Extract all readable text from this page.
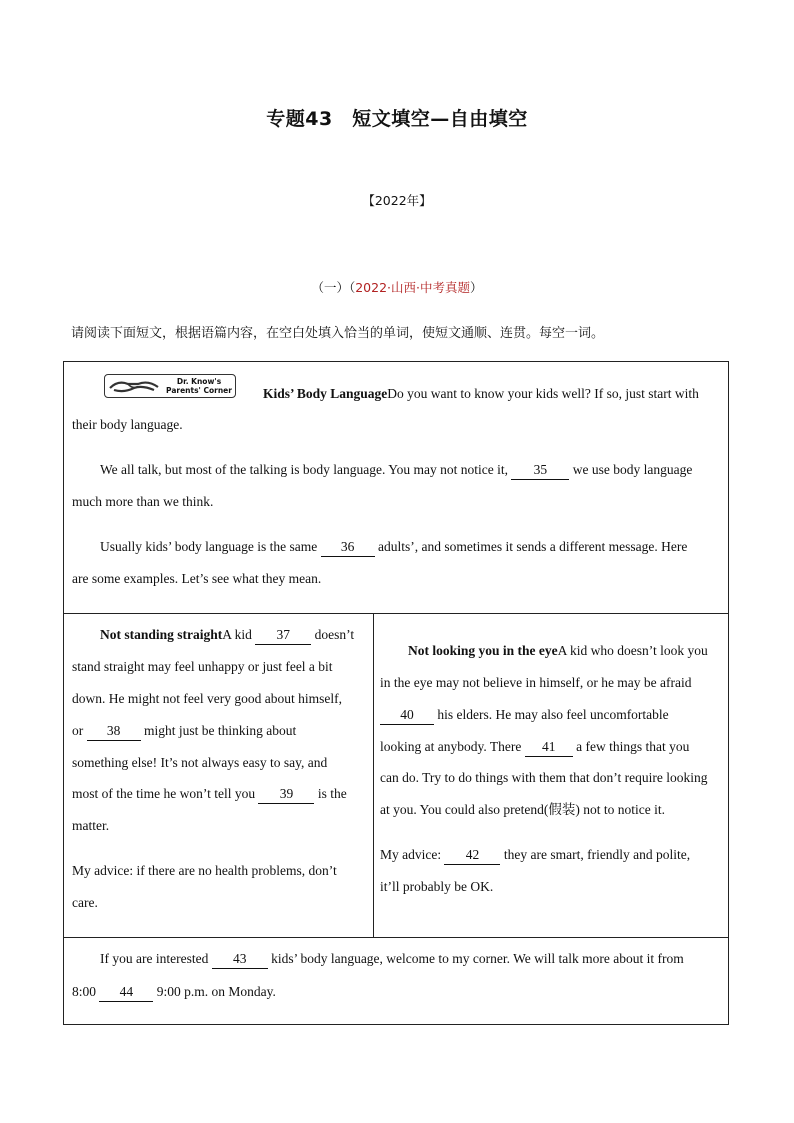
专题43　短文填空—自由填空
【2022年】
（一）（2022·山西·中考真题）
请阅读下面短文，根据语篇内容，在空白处填入恰当的单词，使短文通顺、连贯。每空一词。
Dr. Know's
Parents' Corner Kids’ Body LanguageDo you want to know your kids well? If so, just start with

their body language.

We all talk, but most of the talking is body language. You may not notice it, 35 we use body language

much more than we think.

Usually kids’ body language is the same 36 adults’, and sometimes it sends a different message. Here

are some examples. Let’s see what they mean.

Not standing straightA kid 37 doesn’t

stand straight may feel unhappy or just feel a bit

down. He might not feel very good about himself,

or 38 might just be thinking about

something else! It’s not always easy to say, and

most of the time he won’t tell you 39 is the

matter.

My advice: if there are no health problems, don’t

care.

Not looking you in the eyeA kid who doesn’t look you

in the eye may not believe in himself, or he may be afraid

40 his elders. He may also feel uncomfortable

looking at anybody. There 41 a few things that you

can do. Try to do things with them that don’t require looking

at you. You could also pretend(假装) not to notice it.

My advice: 42 they are smart, friendly and polite,

it’ll probably be OK.

If you are interested 43 kids’ body language, welcome to my corner. We will talk more about it from

8:00 44 9:00 p.m. on Monday.
